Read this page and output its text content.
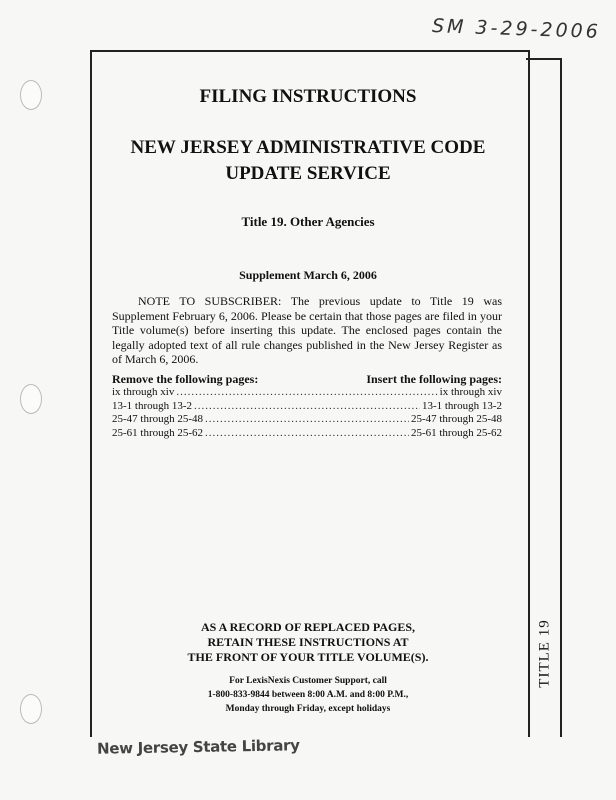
SM 3-29-2006
TITLE 19
FILING INSTRUCTIONS
NEW JERSEY ADMINISTRATIVE CODE
UPDATE SERVICE
Title 19. Other Agencies
Supplement March 6, 2006
NOTE TO SUBSCRIBER: The previous update to Title 19 was Supplement February 6, 2006. Please be certain that those pages are filed in your Title volume(s) before inserting this update. The enclosed pages contain the legally adopted text of all rule changes published in the New Jersey Register as of March 6, 2006.
Remove the following pages:	Insert the following pages:
ix through xiv .....	ix through xiv
13-1 through 13-2 .....	13-1 through 13-2
25-47 through 25-48 .....	25-47 through 25-48
25-61 through 25-62 .....	25-61 through 25-62
AS A RECORD OF REPLACED PAGES,
RETAIN THESE INSTRUCTIONS AT
THE FRONT OF YOUR TITLE VOLUME(S).
For LexisNexis Customer Support, call
1-800-833-9844 between 8:00 A.M. and 8:00 P.M.,
Monday through Friday, except holidays
New Jersey State Library
